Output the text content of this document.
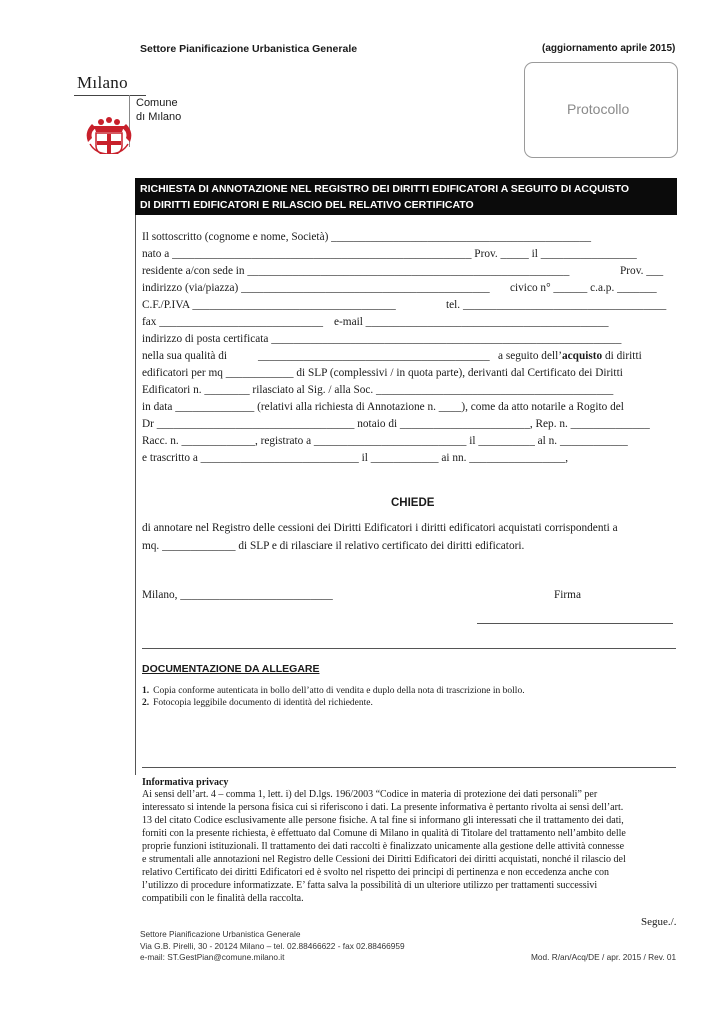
Settore Pianificazione Urbanistica Generale	(aggiornamento aprile 2015)
Mılano
Comune
dı Mılano	Protocollo
RICHIESTA DI ANNOTAZIONE NEL REGISTRO DEI DIRITTI EDIFICATORI A SEGUITO DI ACQUISTO
DI DIRITTI EDIFICATORI E RILASCIO DEL RELATIVO CERTIFICATO
Il sottoscritto (cognome e nome, Società) ______________________________________________
nato a _____________________________________________________ Prov. _____ il _________________
residente a/con sede in _________________________________________________________	Prov. ___
indirizzo (via/piazza) ____________________________________________ civico n° ______ c.a.p. _______
C.F./P.IVA ____________________________________	tel. ____________________________________
fax _____________________________ e-mail ___________________________________________
indirizzo di posta certificata ______________________________________________________________
nella sua qualità di	_________________________________________ a seguito dell’acquisto di diritti
edificatori per mq ____________ di SLP (complessivi / in quota parte), derivanti dal Certificato dei Diritti
Edificatori n. ________ rilasciato al Sig. / alla Soc. __________________________________________
in data ______________ (relativi alla richiesta di Annotazione n. ____), come da atto notarile a Rogito del
Dr ___________________________________ notaio di _______________________, Rep. n. ______________
Racc. n. _____________, registrato a ___________________________ il __________ al n. ____________
e trascritto a ____________________________ il ____________ ai nn. _________________,
CHIEDE
di annotare nel Registro delle cessioni dei Diritti Edificatori i diritti edificatori acquistati corrispondenti a
mq. _____________ di SLP e di rilasciare il relativo certificato dei diritti edificatori.
Milano, ___________________________	Firma
DOCUMENTAZIONE DA ALLEGARE
1. Copia conforme autenticata in bollo dell’atto di vendita e duplo della nota di trascrizione in bollo.
2. Fotocopia leggibile documento di identità del richiedente.
Informativa privacy
Ai sensi dell’art. 4 – comma 1, lett. i) del D.lgs. 196/2003 “Codice in materia di protezione dei dati personali” per
interessato si intende la persona fisica cui si riferiscono i dati. La presente informativa è pertanto rivolta ai sensi dell’art.
13 del citato Codice esclusivamente alle persone fisiche. A tal fine si informano gli interessati che il trattamento dei dati,
forniti con la presente richiesta, è effettuato dal Comune di Milano in qualità di Titolare del trattamento nell’ambito delle
proprie funzioni istituzionali. Il trattamento dei dati raccolti è finalizzato unicamente alla gestione delle attività connesse
e strumentali alle annotazioni nel Registro delle Cessioni dei Diritti Edificatori dei diritti acquistati, nonché il rilascio del
relativo Certificato dei diritti Edificatori ed è svolto nel rispetto dei principi di pertinenza e non eccedenza anche con
l’utilizzo di procedure informatizzate. E’ fatta salva la possibilità di un ulteriore utilizzo per trattamenti successivi
compatibili con le finalità della raccolta.
Segue./.
Settore Pianificazione Urbanistica Generale
Via G.B. Pirelli, 30 - 20124 Milano – tel. 02.88466622 - fax 02.88466959
e-mail: ST.GestPian@comune.milano.it	Mod. R/an/Acq/DE / apr. 2015 / Rev. 01
